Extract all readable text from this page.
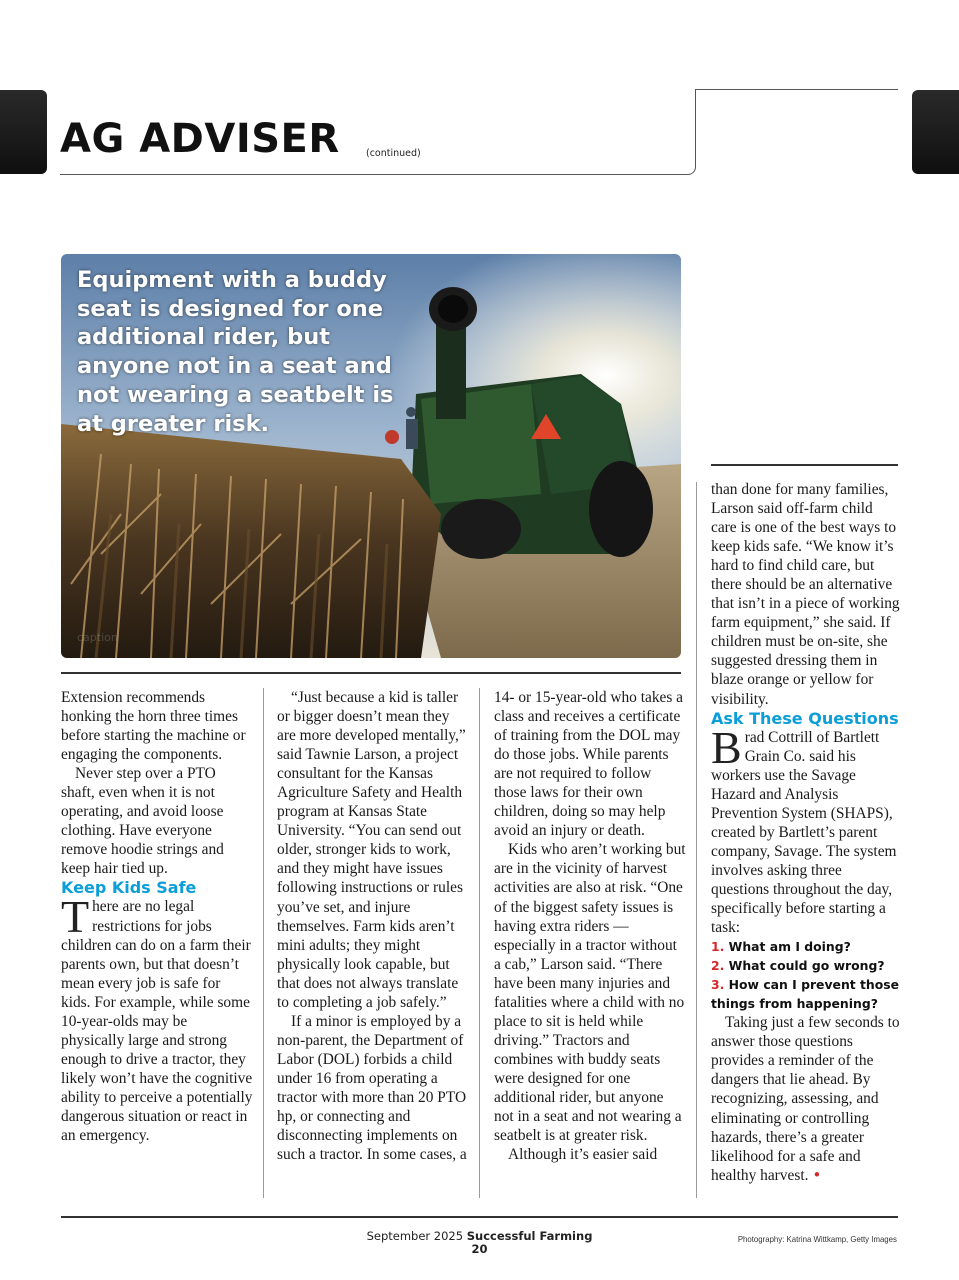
AG ADVISER	(continued)
Equipment with a buddy seat is designed for one additional rider, but anyone not in a seat and not wearing a seatbelt is at greater risk.
caption

Extension recommends honking the horn three times before starting the machine or engaging the components.

Never step over a PTO shaft, even when it is not operating, and avoid loose clothing. Have everyone remove hoodie strings and keep hair tied up.

Keep Kids Safe

There are no legal restrictions for jobs children can do on a farm their parents own, but that doesn’t mean every job is safe for kids. For example, while some 10-year-olds may be physically large and strong enough to drive a tractor, they likely won’t have the cognitive ability to perceive a potentially dangerous situation or react in an emergency.

“Just because a kid is taller or bigger doesn’t mean they are more developed mentally,” said Tawnie Larson, a project consultant for the Kansas Agriculture Safety and Health program at Kansas State University. “You can send out older, stronger kids to work, and they might have issues following instructions or rules you’ve set, and injure themselves. Farm kids aren’t mini adults; they might physically look capable, but that does not always translate to completing a job safely.”

If a minor is employed by a non-parent, the Department of Labor (DOL) forbids a child under 16 from operating a tractor with more than 20 PTO hp, or connecting and disconnecting implements on such a tractor. In some cases, a

14- or 15-year-old who takes a class and receives a certificate of training from the DOL may do those jobs. While parents are not required to follow those laws for their own children, doing so may help avoid an injury or death.

Kids who aren’t working but are in the vicinity of harvest activities are also at risk. “One of the biggest safety issues is having extra riders — especially in a tractor without a cab,” Larson said. “There have been many injuries and fatalities where a child with no place to sit is held while driving.” Tractors and combines with buddy seats were designed for one additional rider, but anyone not in a seat and not wearing a seatbelt is at greater risk.

Although it’s easier said

than done for many families, Larson said off-farm child care is one of the best ways to keep kids safe. “We know it’s hard to find child care, but there should be an alternative that isn’t in a piece of working farm equipment,” she said. If children must be on-site, she suggested dressing them in blaze orange or yellow for visibility.

Ask These Questions

Brad Cottrill of Bartlett Grain Co. said his workers use the Savage Hazard and Analysis Prevention System (SHAPS), created by Bartlett’s parent company, Savage. The system involves asking three questions throughout the day, specifically before starting a task:

1. What am I doing?

2. What could go wrong?

3. How can I prevent those things from happening?

Taking just a few seconds to answer those questions provides a reminder of the dangers that lie ahead. By recognizing, assessing, and eliminating or controlling hazards, there’s a greater likelihood for a safe and healthy harvest. •

September 2025 Successful Farming
20
Photography: Katrina Wittkamp, Getty Images
